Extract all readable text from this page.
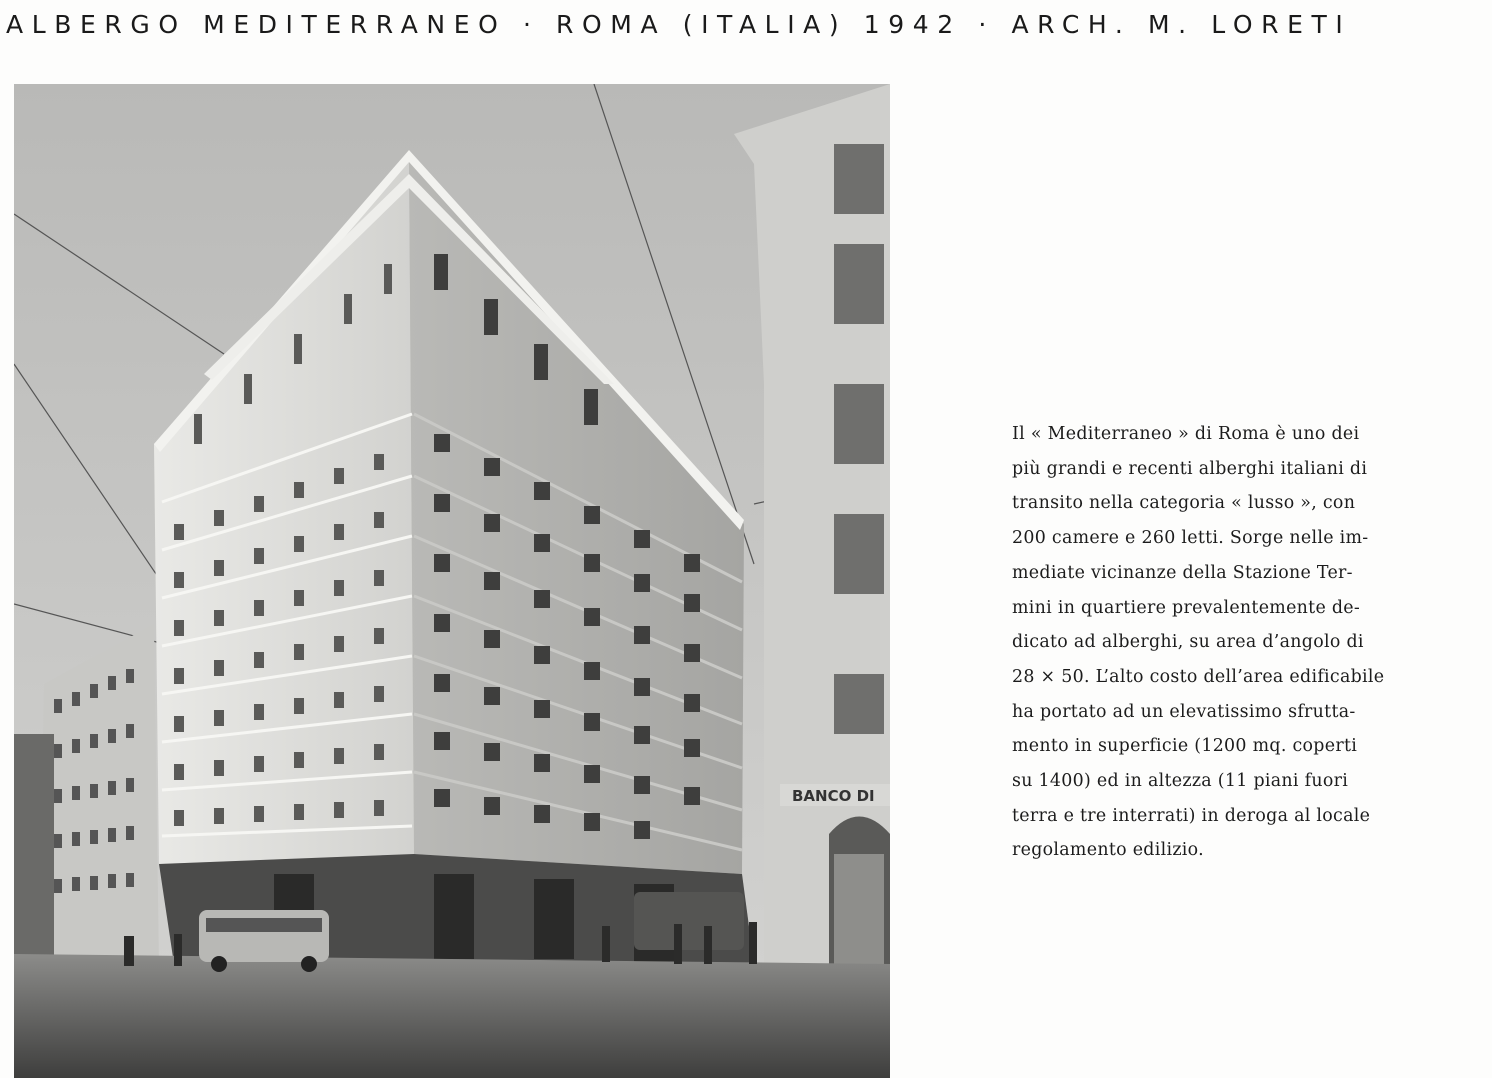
ALBERGO MEDITERRANEO · ROMA (ITALIA) 1942 · ARCH. M. LORETI
BANCO DI
Il « Mediterraneo » di Roma è uno dei
più grandi e recenti alberghi italiani di
transito nella categoria « lusso », con
200 camere e 260 letti. Sorge nelle im-
mediate vicinanze della Stazione Ter-
mini in quartiere prevalentemente de-
dicato ad alberghi, su area d’angolo di
28 × 50. L’alto costo dell’area edificabile
ha portato ad un elevatissimo sfrutta-
mento in superficie (1200 mq. coperti
su 1400) ed in altezza (11 piani fuori
terra e tre interrati) in deroga al locale
regolamento edilizio.
